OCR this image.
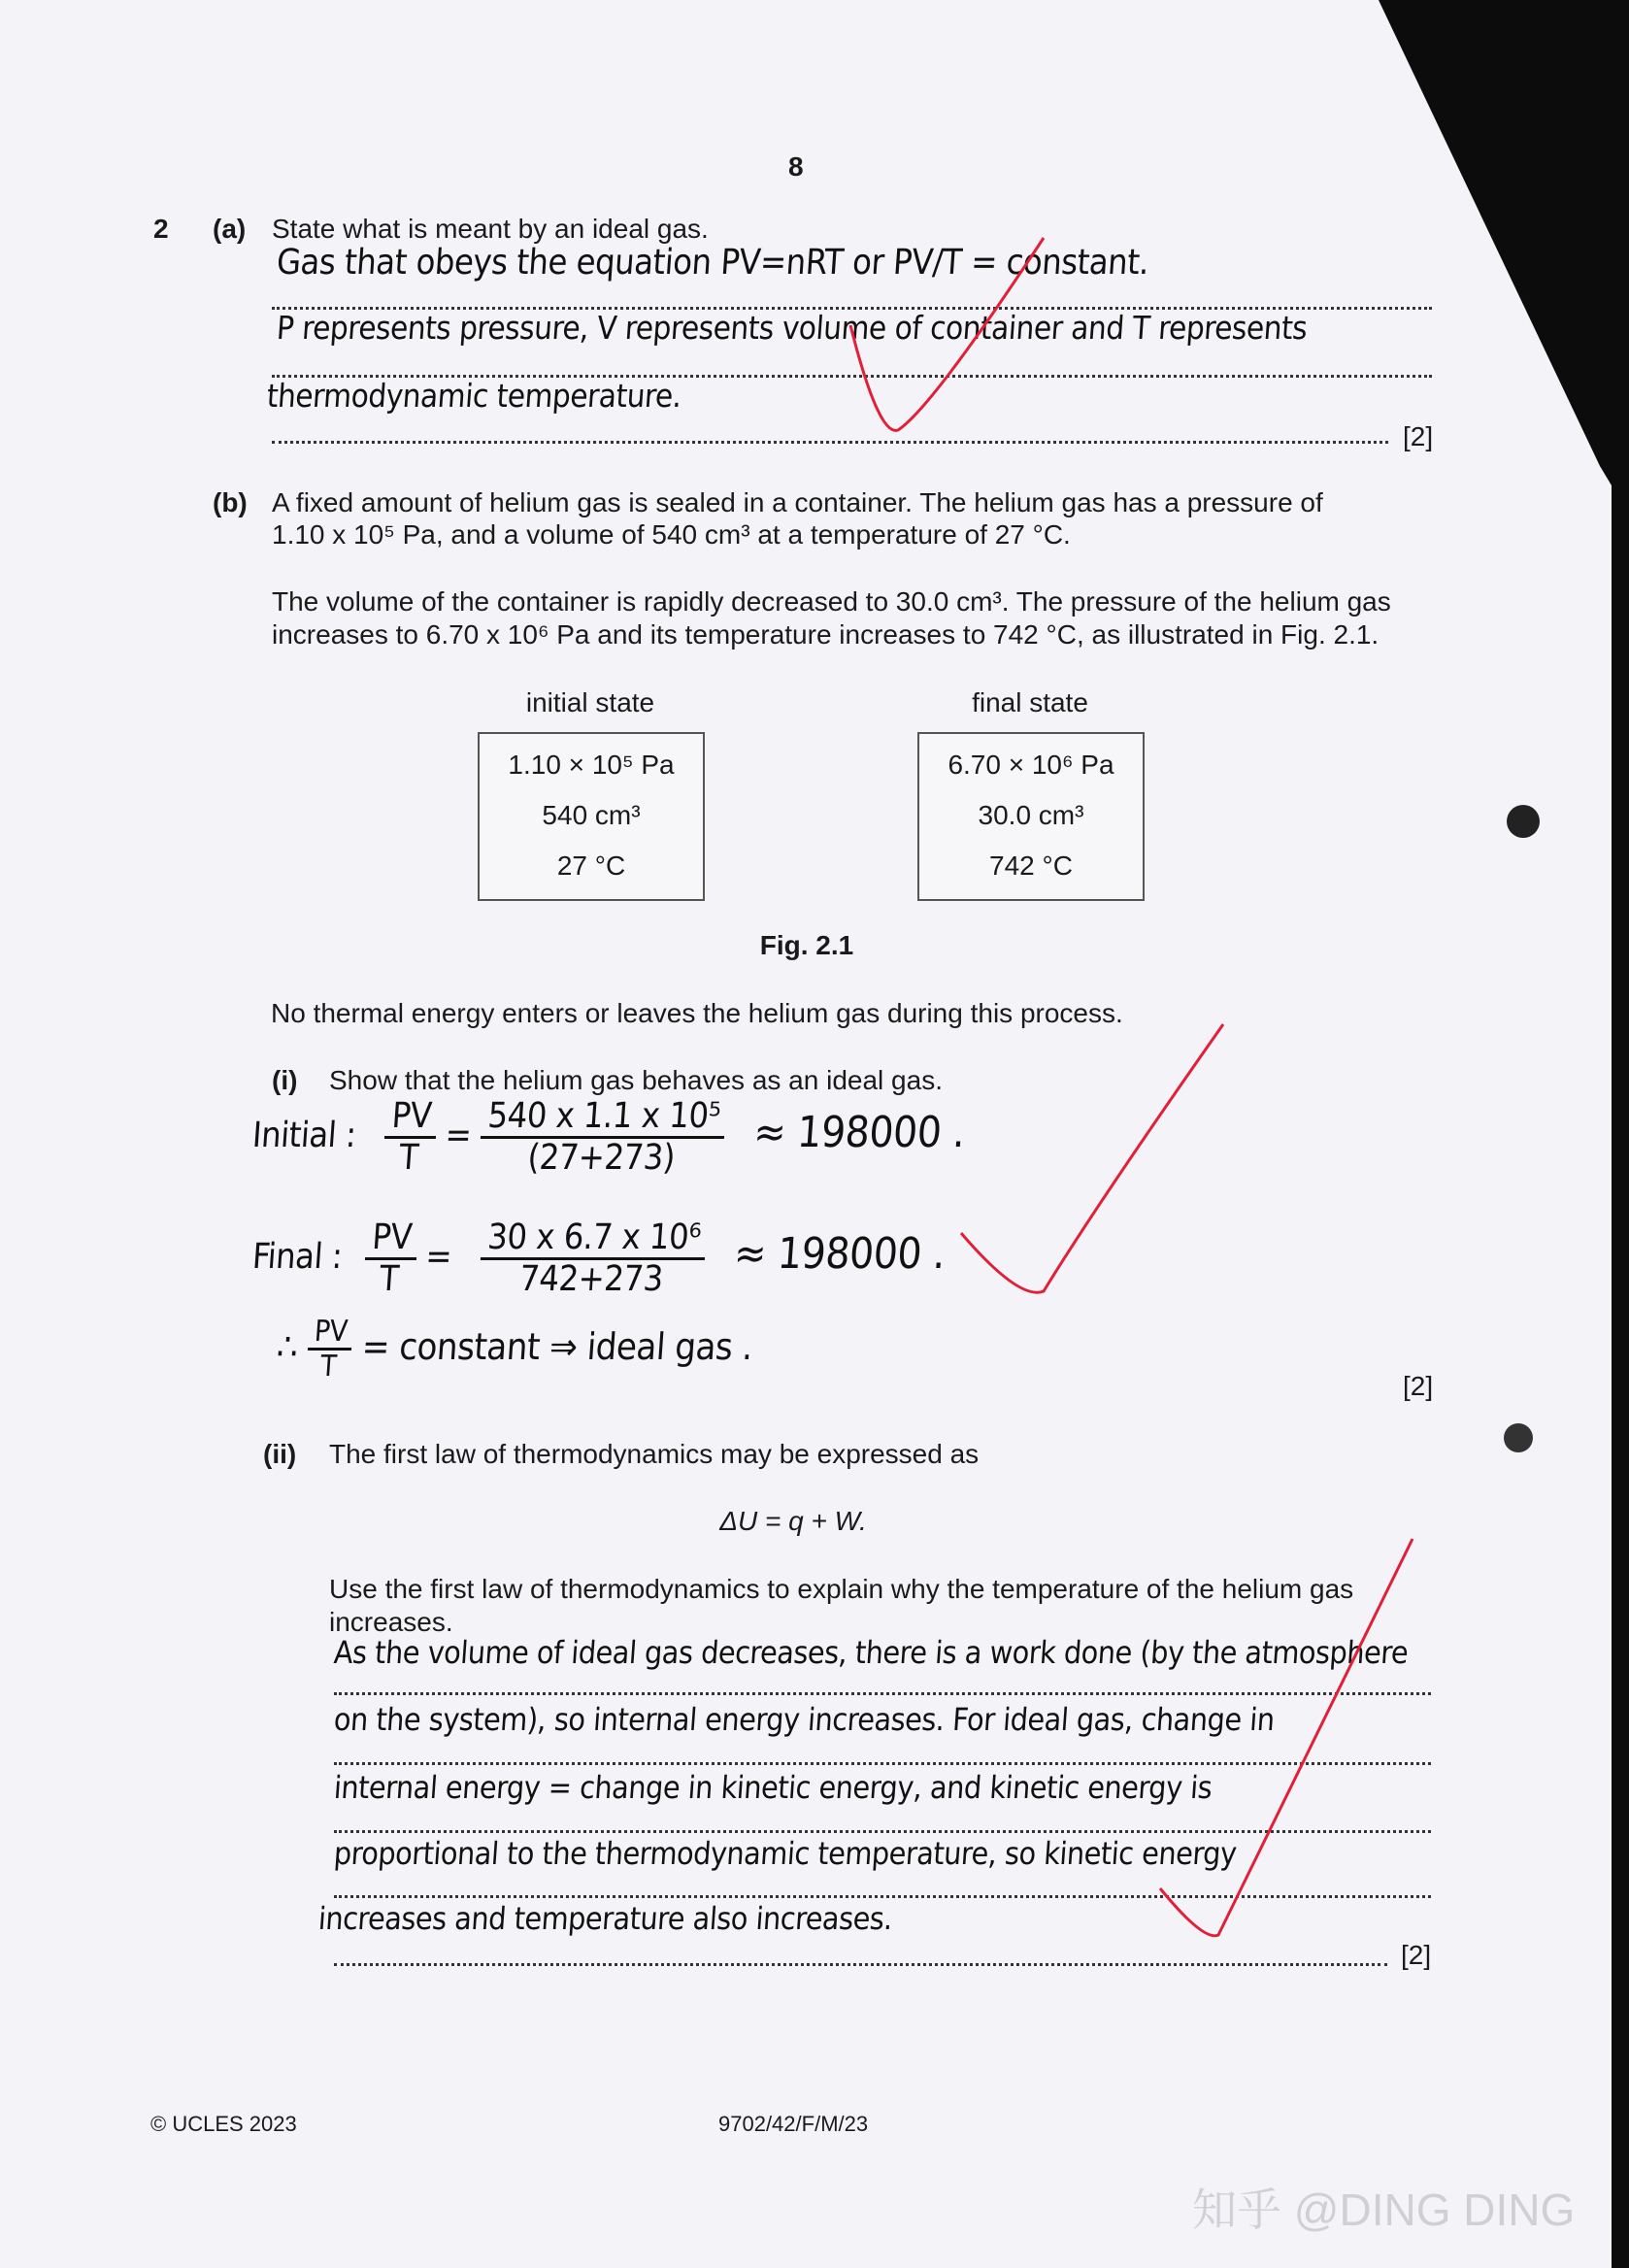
8
2 (a) State what is meant by an ideal gas.
Gas that obeys the equation PV=nRT or PV/T = constant.
P represents pressure, V represents volume of container and T represents
thermodynamic temperature.
[2]
(b) A fixed amount of helium gas is sealed in a container. The helium gas has a pressure of
1.10 x 10⁵ Pa, and a volume of 540 cm³ at a temperature of 27 °C.
The volume of the container is rapidly decreased to 30.0 cm³. The pressure of the helium gas
increases to 6.70 x 10⁶ Pa and its temperature increases to 742 °C, as illustrated in Fig. 2.1.
initial state
1.10 × 10⁵ Pa
540 cm³
27 °C
final state
6.70 × 10⁶ Pa
30.0 cm³
742 °C
Fig. 2.1
No thermal energy enters or leaves the helium gas during this process.
(i) Show that the helium gas behaves as an ideal gas.
Initial : $\frac{PV}{T} = \frac{\text{540 x 1.1 x 10⁵}}{(27+273)} \approx 198000$ .
Final : $\frac{PV}{T} = \frac{\text{30 x 6.7 x 10⁶}}{742+273} \approx 198000$ .
∴ $\frac{PV}{T}$ = constant ⇒ ideal gas .
[2]
(ii) The first law of thermodynamics may be expressed as
ΔU = q + W.
Use the first law of thermodynamics to explain why the temperature of the helium gas
increases.
As the volume of ideal gas decreases, there is a work done (by the atmosphere
on the system), so internal energy increases. For ideal gas, change in
internal energy = change in kinetic energy, and kinetic energy is
proportional to the thermodynamic temperature, so kinetic energy
increases and temperature also increases.
[2]
© UCLES 2023	9702/42/F/M/23
知乎 @DING DING
